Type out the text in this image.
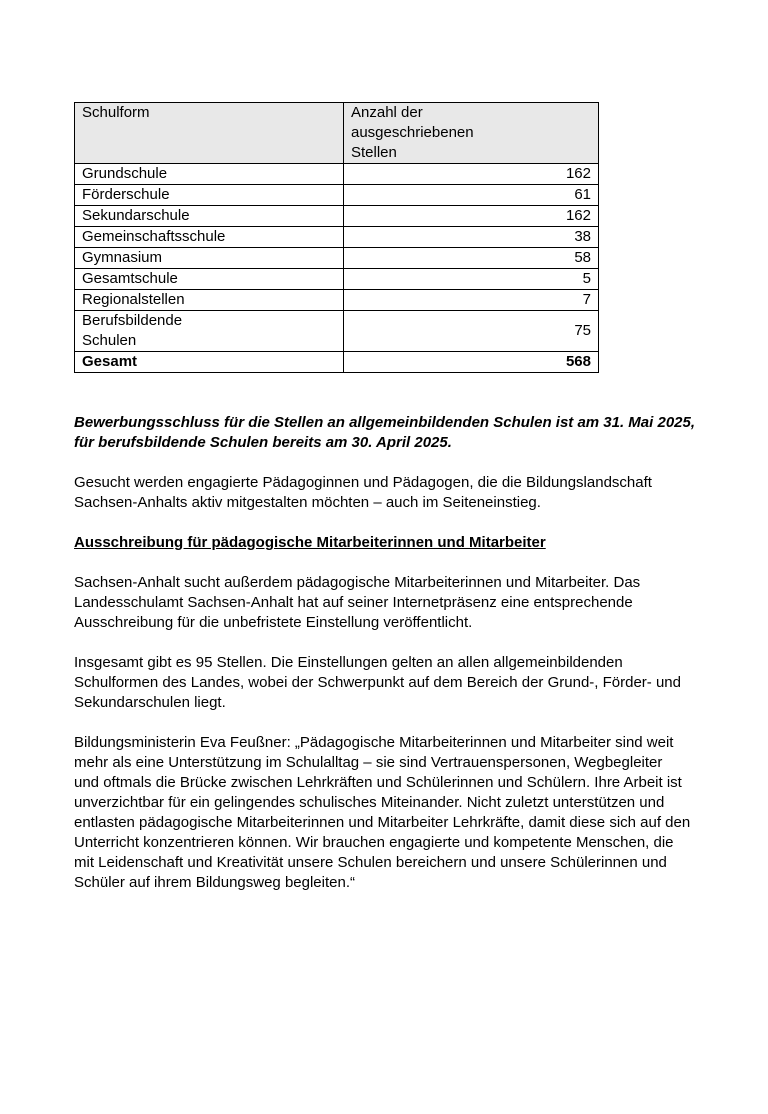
Schulform	Anzahl der
ausgeschriebenen
Stellen
Grundschule	162
Förderschule	61
Sekundarschule	162
Gemeinschaftsschule	38
Gymnasium	58
Gesamtschule	5
Regionalstellen	7
Berufsbildende
Schulen	75
Gesamt	568

Bewerbungsschluss für die Stellen an allgemeinbildenden Schulen ist am 31. Mai 2025,
für berufsbildende Schulen bereits am 30. April 2025.

Gesucht werden engagierte Pädagoginnen und Pädagogen, die die Bildungslandschaft
Sachsen-Anhalts aktiv mitgestalten möchten – auch im Seiteneinstieg.

Ausschreibung für pädagogische Mitarbeiterinnen und Mitarbeiter

Sachsen-Anhalt sucht außerdem pädagogische Mitarbeiterinnen und Mitarbeiter. Das
Landesschulamt Sachsen-Anhalt hat auf seiner Internetpräsenz eine entsprechende
Ausschreibung für die unbefristete Einstellung veröffentlicht.

Insgesamt gibt es 95 Stellen. Die Einstellungen gelten an allen allgemeinbildenden
Schulformen des Landes, wobei der Schwerpunkt auf dem Bereich der Grund-, Förder- und
Sekundarschulen liegt.

Bildungsministerin Eva Feußner: „Pädagogische Mitarbeiterinnen und Mitarbeiter sind weit
mehr als eine Unterstützung im Schulalltag – sie sind Vertrauenspersonen, Wegbegleiter
und oftmals die Brücke zwischen Lehrkräften und Schülerinnen und Schülern. Ihre Arbeit ist
unverzichtbar für ein gelingendes schulisches Miteinander. Nicht zuletzt unterstützen und
entlasten pädagogische Mitarbeiterinnen und Mitarbeiter Lehrkräfte, damit diese sich auf den
Unterricht konzentrieren können. Wir brauchen engagierte und kompetente Menschen, die
mit Leidenschaft und Kreativität unsere Schulen bereichern und unsere Schülerinnen und
Schüler auf ihrem Bildungsweg begleiten.“
